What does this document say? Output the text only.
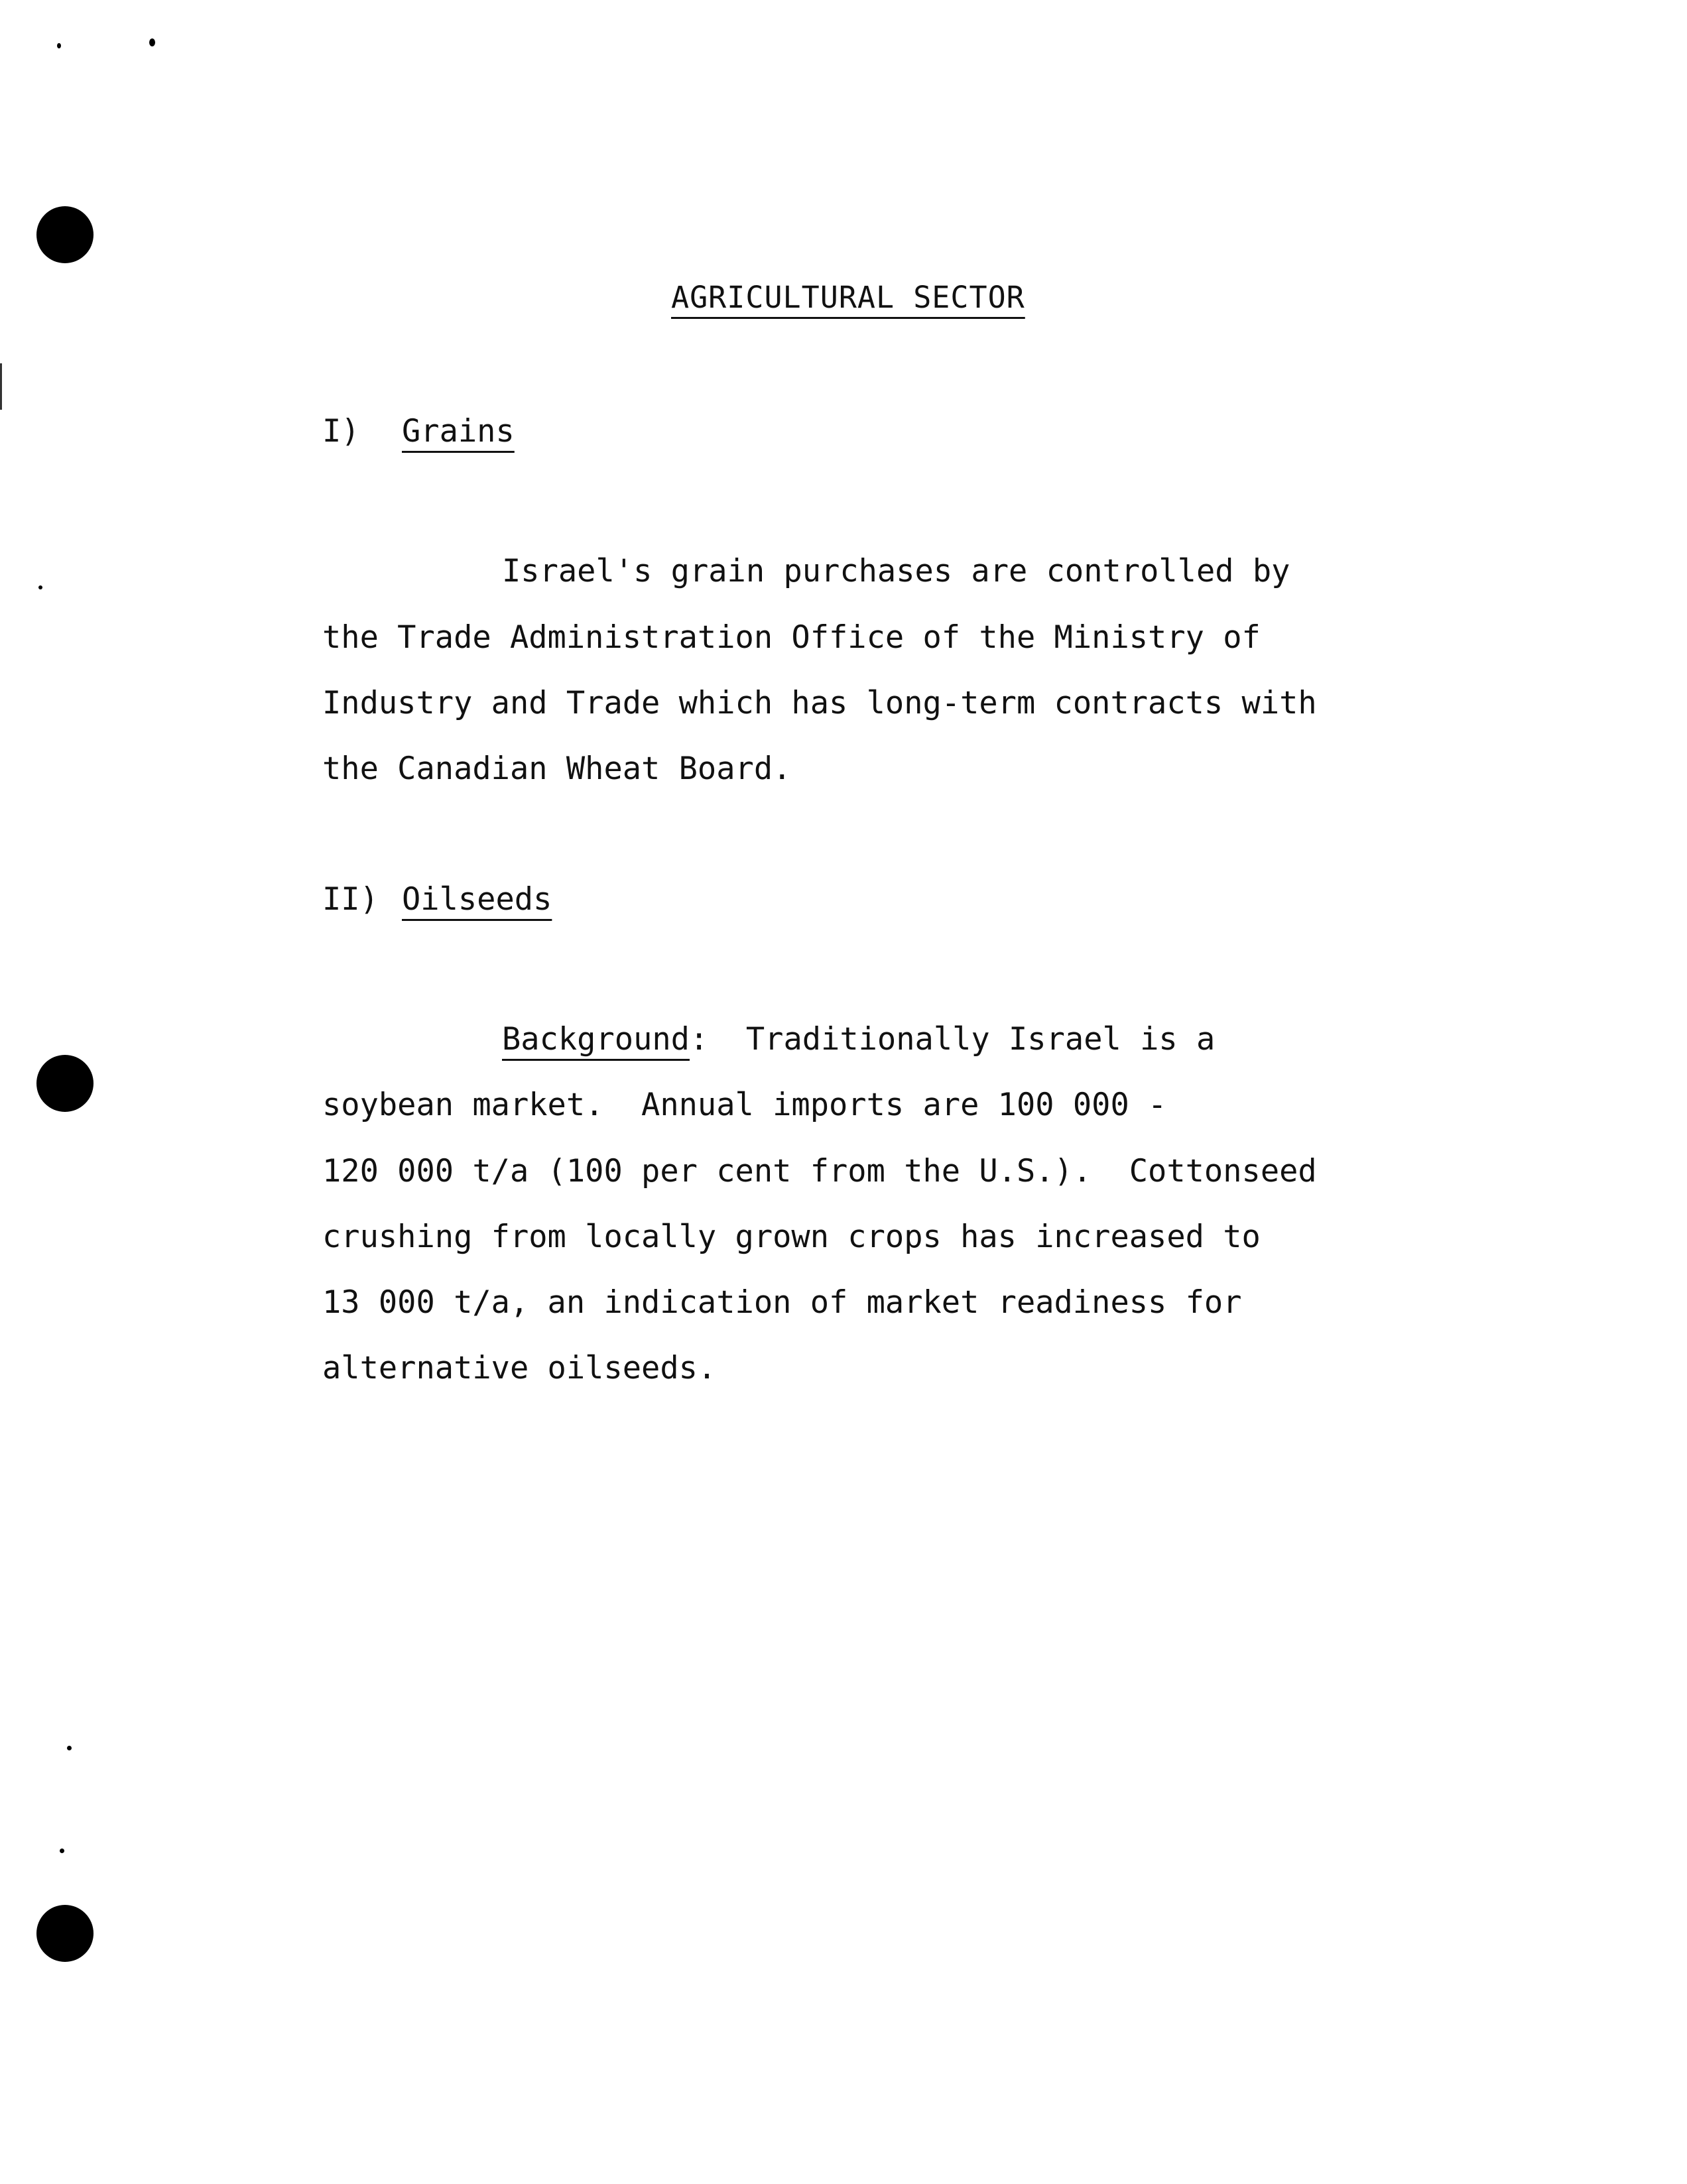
AGRICULTURAL SECTOR
I) Grains
Israel's grain purchases are controlled by
the Trade Administration Office of the Ministry of
Industry and Trade which has long-term contracts with
the Canadian Wheat Board.
II) Oilseeds
Background:  Traditionally Israel is a
soybean market.  Annual imports are 100 000 -
120 000 t/a (100 per cent from the U.S.).  Cottonseed
crushing from locally grown crops has increased to
13 000 t/a, an indication of market readiness for
alternative oilseeds.
